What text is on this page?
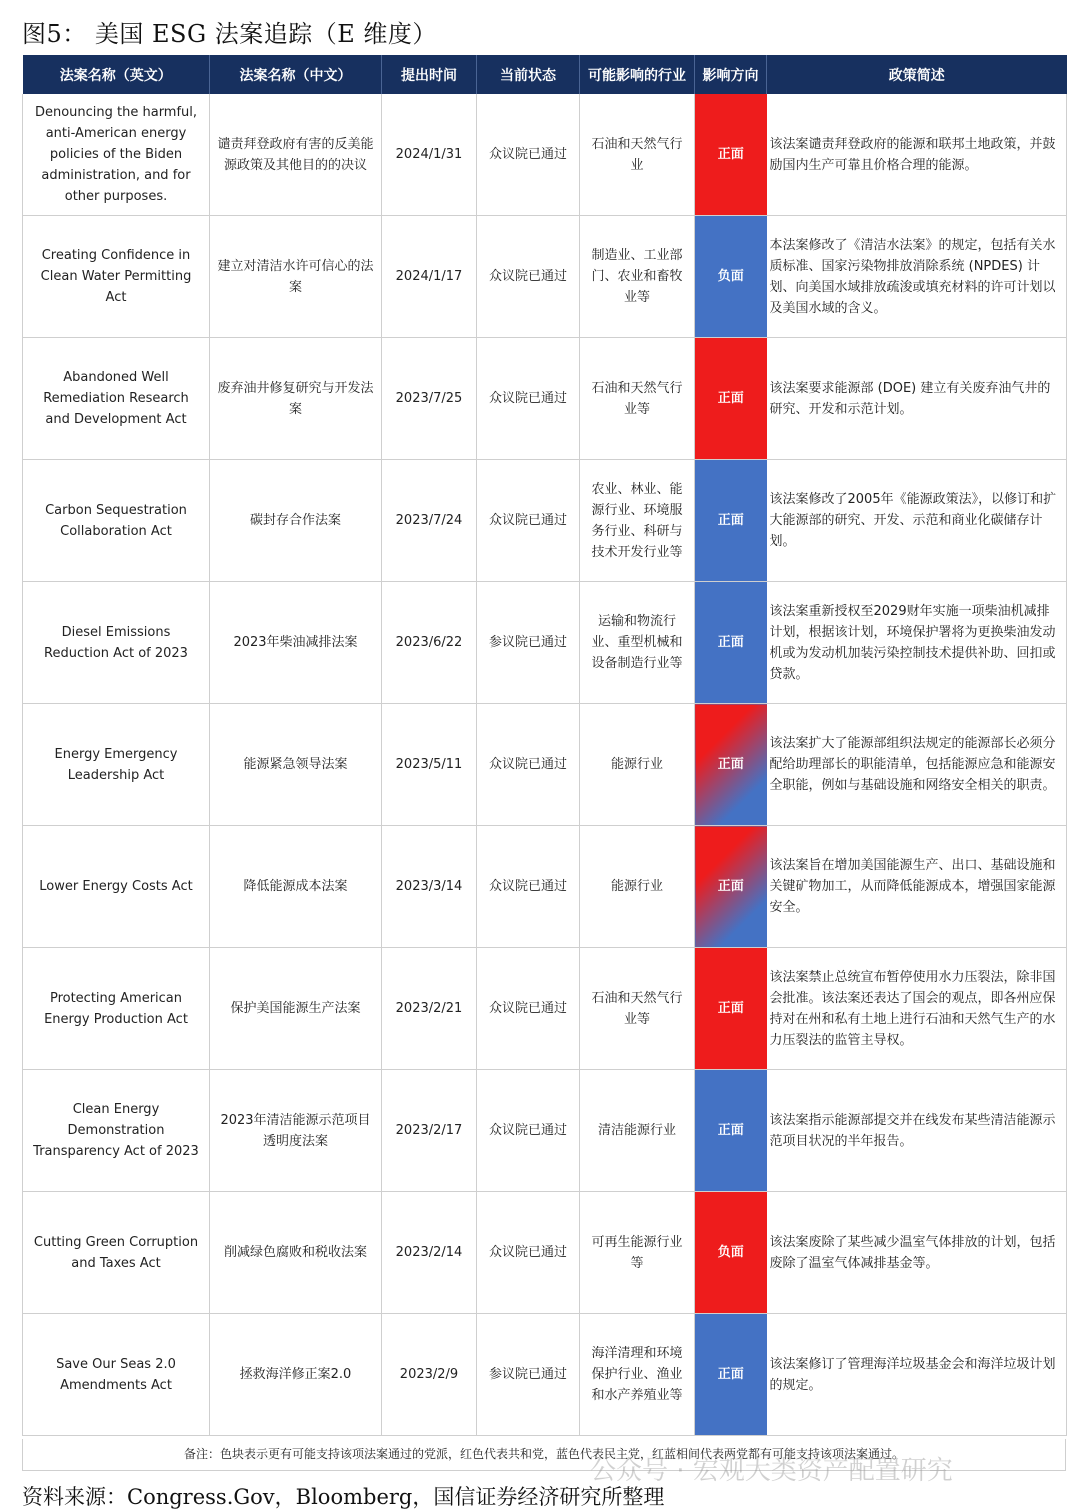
图5： 美国 ESG 法案追踪（E 维度）
法案名称（英文）	法案名称（中文）	提出时间	当前状态	可能影响的行业	影响方向	政策简述
Denouncing the harmful, anti-American energy policies of the Biden administration, and for other purposes.	谴责拜登政府有害的反美能源政策及其他目的的决议	2024/1/31	众议院已通过	石油和天然气行业	正面	该法案谴责拜登政府的能源和联邦土地政策，并鼓励国内生产可靠且价格合理的能源。
Creating Confidence in Clean Water Permitting Act	建立对清洁水许可信心的法案	2024/1/17	众议院已通过	制造业、工业部门、农业和畜牧业等	负面	本法案修改了《清洁水法案》的规定，包括有关水质标准、国家污染物排放消除系统 (NPDES) 计划、向美国水域排放疏浚或填充材料的许可计划以及美国水域的含义。
Abandoned Well Remediation Research and Development Act	废弃油井修复研究与开发法案	2023/7/25	众议院已通过	石油和天然气行业等	正面	该法案要求能源部 (DOE) 建立有关废弃油气井的研究、开发和示范计划。
Carbon Sequestration Collaboration Act	碳封存合作法案	2023/7/24	众议院已通过	农业、林业、能源行业、环境服务行业、科研与技术开发行业等	正面	该法案修改了2005年《能源政策法》，以修订和扩大能源部的研究、开发、示范和商业化碳储存计划。
Diesel Emissions Reduction Act of 2023	2023年柴油减排法案	2023/6/22	参议院已通过	运输和物流行业、重型机械和设备制造行业等	正面	该法案重新授权至2029财年实施一项柴油机减排计划，根据该计划，环境保护署将为更换柴油发动机或为发动机加装污染控制技术提供补助、回扣或贷款。
Energy Emergency Leadership Act	能源紧急领导法案	2023/5/11	众议院已通过	能源行业	正面	该法案扩大了能源部组织法规定的能源部长必须分配给助理部长的职能清单，包括能源应急和能源安全职能，例如与基础设施和网络安全相关的职责。
Lower Energy Costs Act	降低能源成本法案	2023/3/14	众议院已通过	能源行业	正面	该法案旨在增加美国能源生产、出口、基础设施和关键矿物加工，从而降低能源成本，增强国家能源安全。
Protecting American Energy Production Act	保护美国能源生产法案	2023/2/21	众议院已通过	石油和天然气行业等	正面	该法案禁止总统宣布暂停使用水力压裂法，除非国会批准。该法案还表达了国会的观点，即各州应保持对在州和私有土地上进行石油和天然气生产的水力压裂法的监管主导权。
Clean Energy Demonstration Transparency Act of 2023	2023年清洁能源示范项目透明度法案	2023/2/17	众议院已通过	清洁能源行业	正面	该法案指示能源部提交并在线发布某些清洁能源示范项目状况的半年报告。
Cutting Green Corruption and Taxes Act	削减绿色腐败和税收法案	2023/2/14	众议院已通过	可再生能源行业等	负面	该法案废除了某些减少温室气体排放的计划，包括废除了温室气体减排基金等。
Save Our Seas 2.0 Amendments Act	拯救海洋修正案2.0	2023/2/9	参议院已通过	海洋清理和环境保护行业、渔业和水产养殖业等	正面	该法案修订了管理海洋垃圾基金会和海洋垃圾计划的规定。
备注：色块表示更有可能支持该项法案通过的党派，红色代表共和党，蓝色代表民主党，红蓝相间代表两党都有可能支持该项法案通过。
公众号 · 宏观大类资产配置研究
资料来源：Congress.Gov，Bloomberg，国信证券经济研究所整理
